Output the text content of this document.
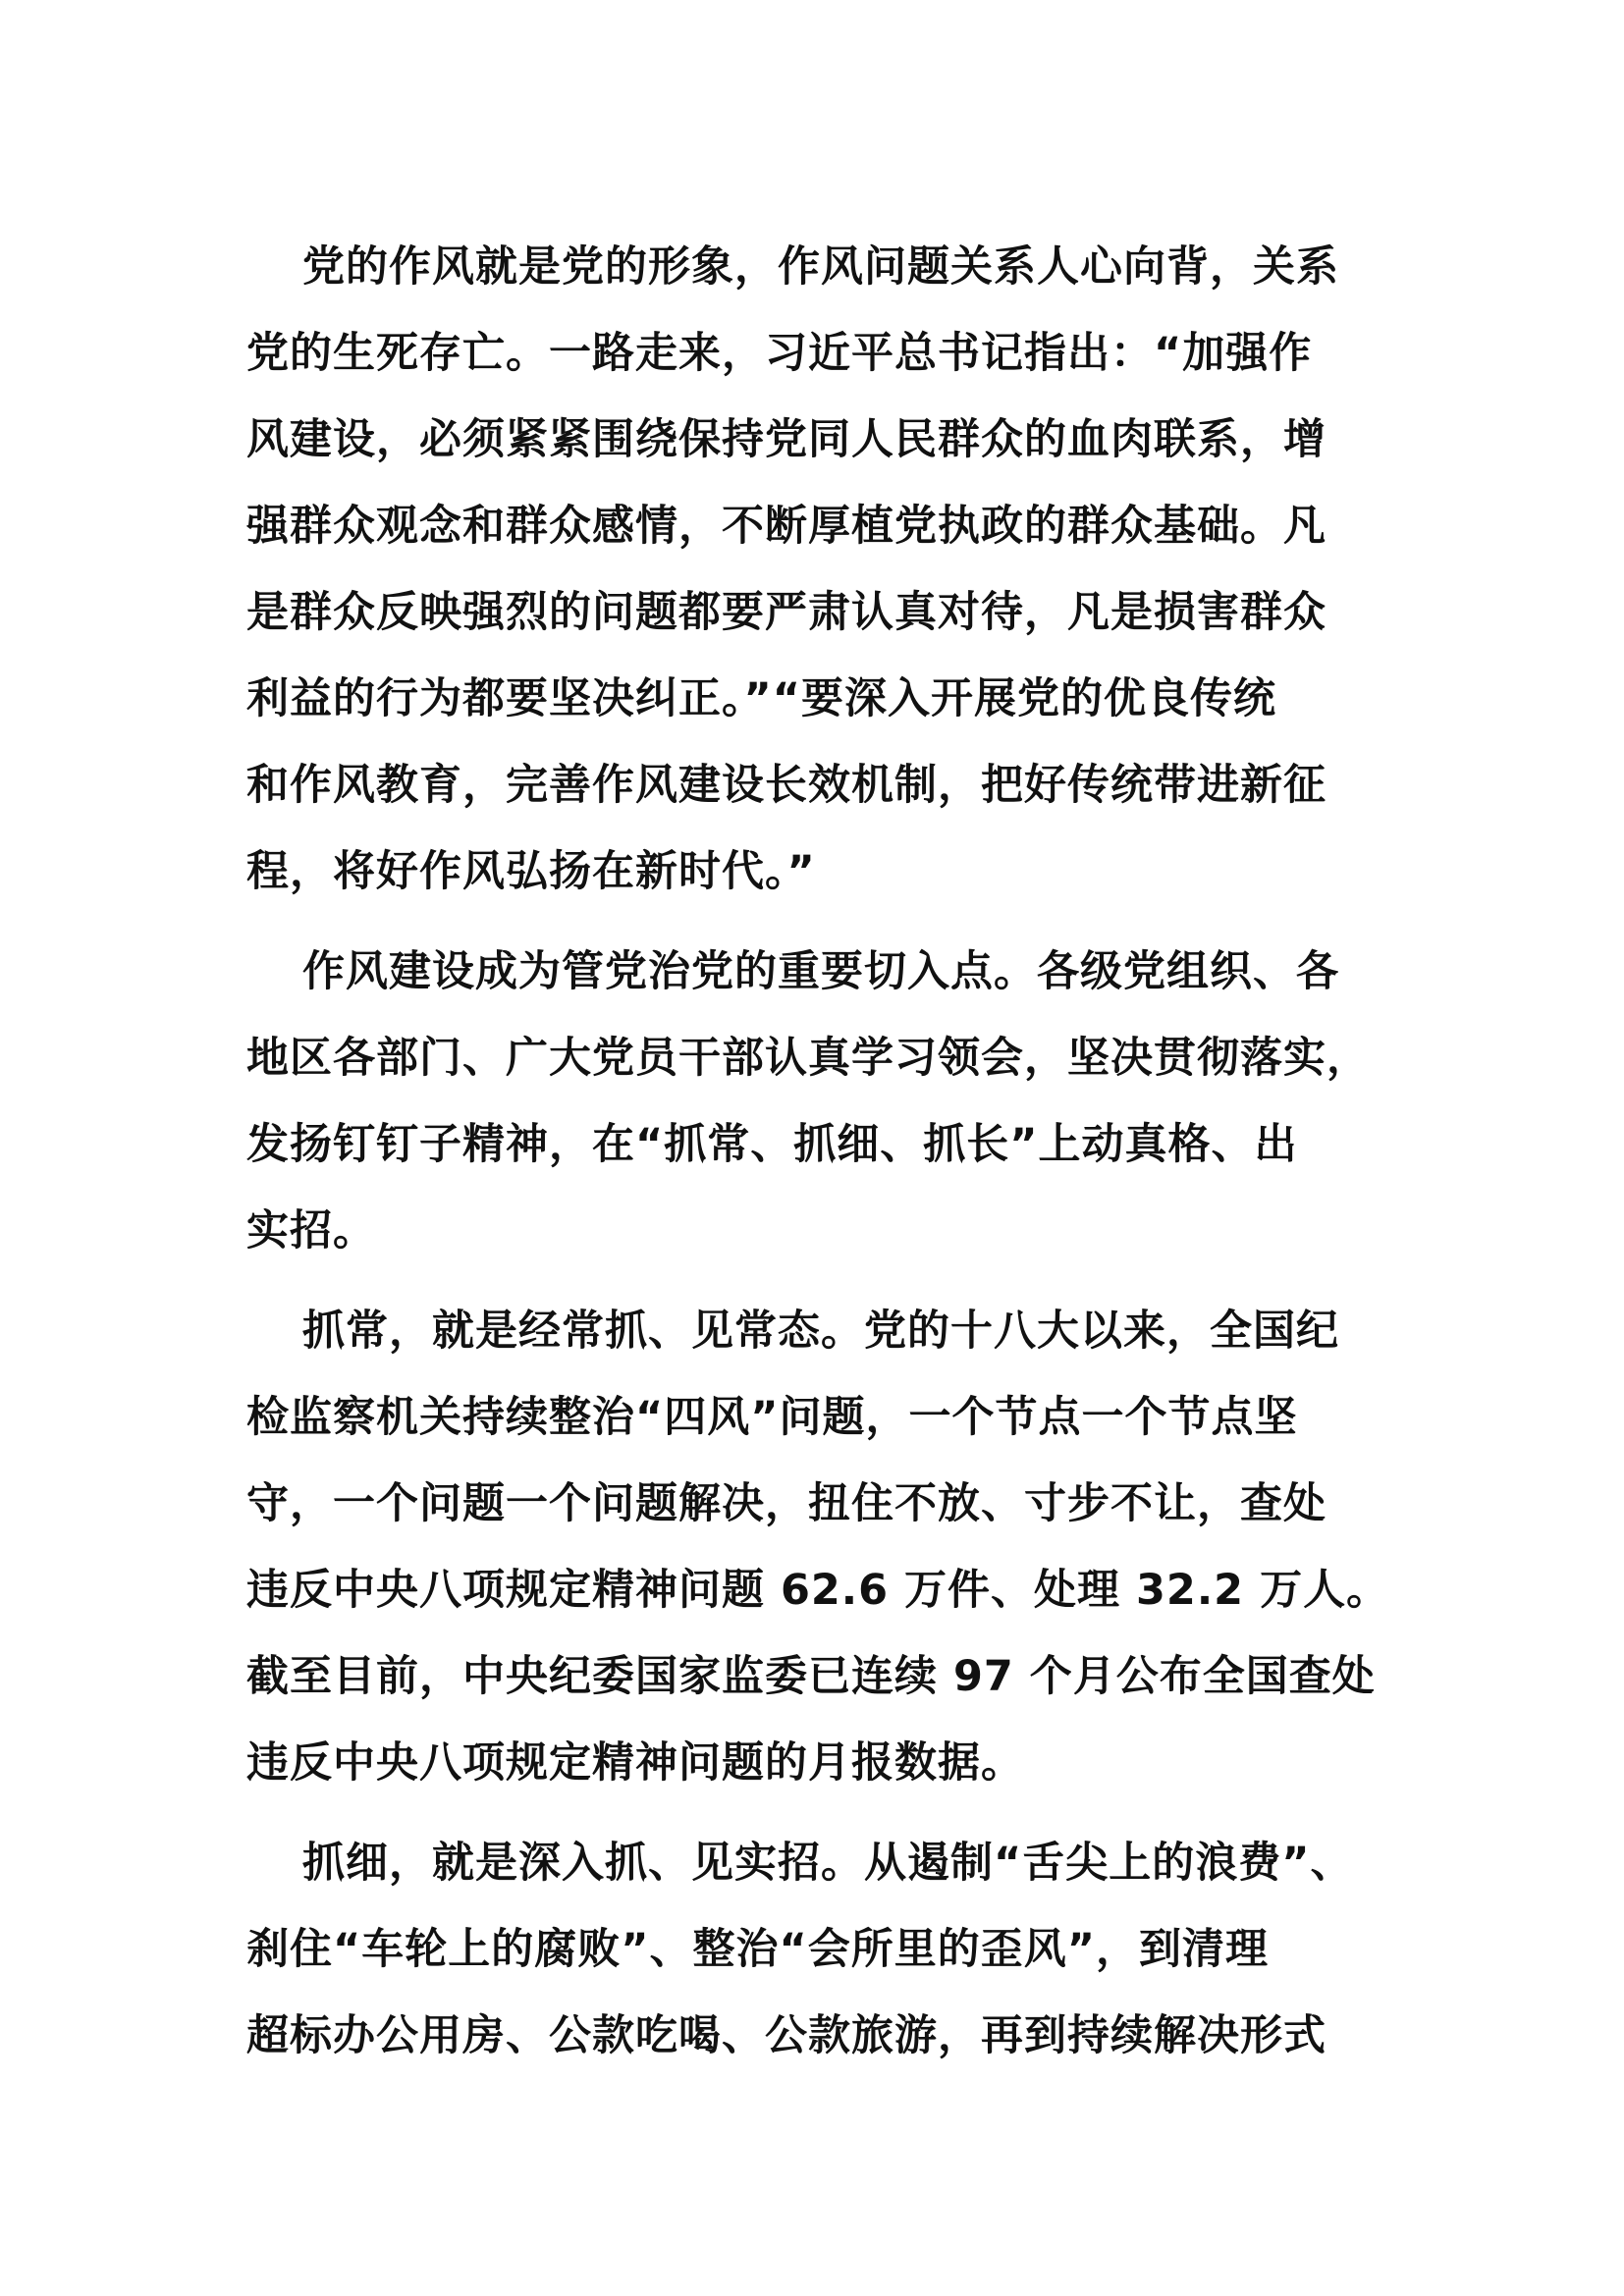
党的作风就是党的形象，作风问题关系人心向背，关系
党的生死存亡。一路走来，习近平总书记指出：“加强作
风建设，必须紧紧围绕保持党同人民群众的血肉联系，增
强群众观念和群众感情，不断厚植党执政的群众基础。凡
是群众反映强烈的问题都要严肃认真对待，凡是损害群众
利益的行为都要坚决纠正。”“要深入开展党的优良传统
和作风教育，完善作风建设长效机制，把好传统带进新征
程，将好作风弘扬在新时代。”
作风建设成为管党治党的重要切入点。各级党组织、各
地区各部门、广大党员干部认真学习领会，坚决贯彻落实，
发扬钉钉子精神，在“抓常、抓细、抓长”上动真格、出
实招。
抓常，就是经常抓、见常态。党的十八大以来，全国纪
检监察机关持续整治“四风”问题，一个节点一个节点坚
守，一个问题一个问题解决，扭住不放、寸步不让，查处
违反中央八项规定精神问题 62.6 万件、处理 32.2 万人。
截至目前，中央纪委国家监委已连续 97 个月公布全国查处
违反中央八项规定精神问题的月报数据。
抓细，就是深入抓、见实招。从遏制“舌尖上的浪费”、
刹住“车轮上的腐败”、整治“会所里的歪风”，到清理
超标办公用房、公款吃喝、公款旅游，再到持续解决形式
